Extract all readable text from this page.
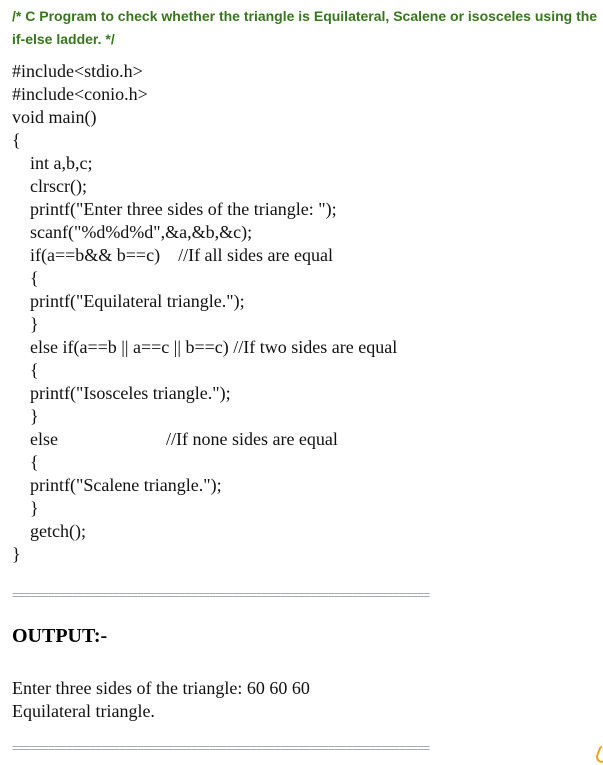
/* C Program to check whether the triangle is Equilateral, Scalene or isosceles using the if-else ladder. */
#include<stdio.h>
#include<conio.h>
void main()
{
int a,b,c;
clrscr();
printf("Enter three sides of the triangle: ");
scanf("%d%d%d",&a,&b,&c);
if(a==b&& b==c)    //If all sides are equal
{
printf("Equilateral triangle.");
}
else if(a==b || a==c || b==c) //If two sides are equal
{
printf("Isosceles triangle.");
}
else                        //If none sides are equal
{
printf("Scalene triangle.");
}
getch();
}
======================================================================
OUTPUT:-
Enter three sides of the triangle: 60 60 60
Equilateral triangle.
======================================================================
